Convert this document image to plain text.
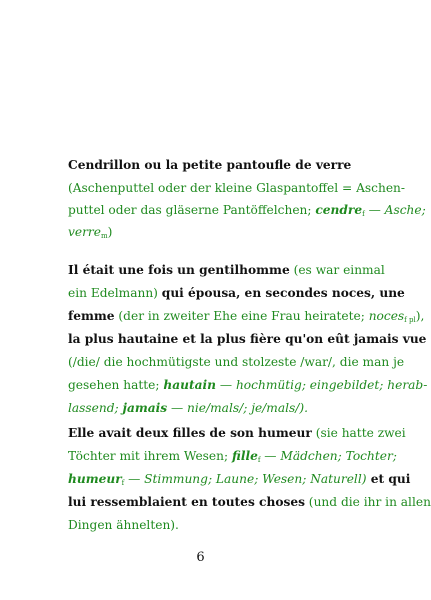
Cendrillon ou la petite pantoufle de verre
(Aschenputtel oder der kleine Glaspantoffel = Aschen-
puttel oder das gläserne Pantöffelchen; cendre$_f$ — Asche;
verre$_m$)
Il était une fois un gentilhomme (es war einmal
ein Edelmann) qui épousa, en secondes noces, une
femme (der in zweiter Ehe eine Frau heiratete; noces$_{f pl}$),
la plus hautaine et la plus fière qu'on eût jamais vue
(/die/ die hochmütigste und stolzeste /war/, die man je
gesehen hatte; hautain — hochmütig; eingebildet; herab-
lassend; jamais — nie/mals/; je/mals/).
Elle avait deux filles de son humeur (sie hatte zwei
Töchter mit ihrem Wesen; fille$_f$ — Mädchen; Tochter;
humeur$_f$ — Stimmung; Laune; Wesen; Naturell) et qui
lui ressemblaient en toutes choses (und die ihr in allen
Dingen ähnelten).
6
